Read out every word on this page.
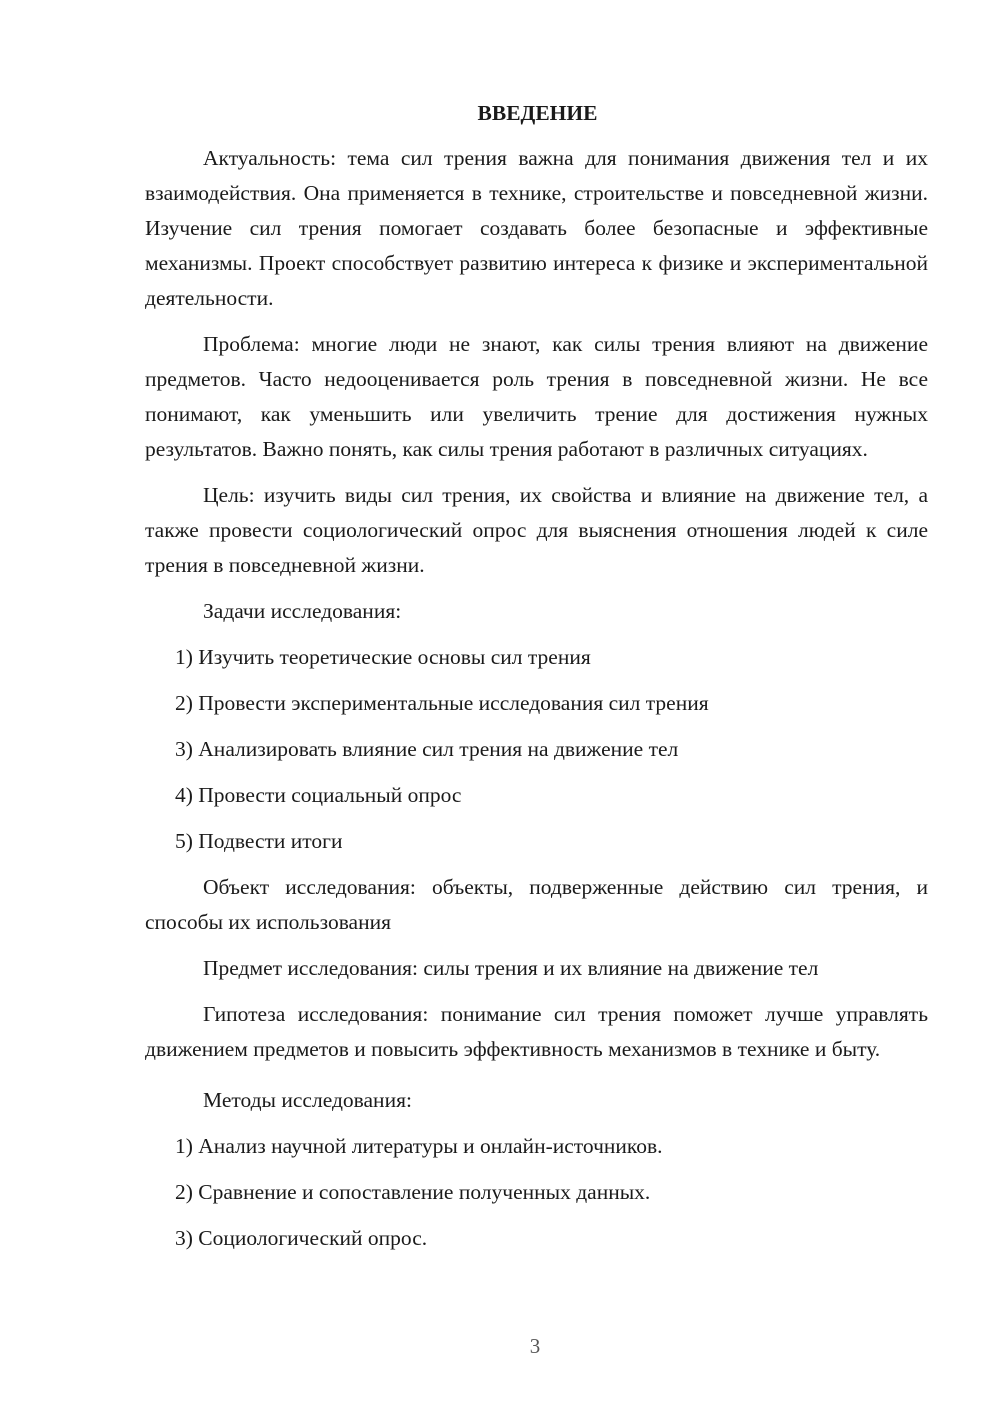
ВВЕДЕНИЕ

Актуальность: тема сил трения важна для понимания движения тел и их взаимодействия. Она применяется в технике, строительстве и повседневной жизни. Изучение сил трения помогает создавать более безопасные и эффективные механизмы. Проект способствует развитию интереса к физике и экспериментальной деятельности.

Проблема: многие люди не знают, как силы трения влияют на движение предметов. Часто недооценивается роль трения в повседневной жизни. Не все понимают, как уменьшить или увеличить трение для достижения нужных результатов. Важно понять, как силы трения работают в различных ситуациях.

Цель: изучить виды сил трения, их свойства и влияние на движение тел, а также провести социологический опрос для выяснения отношения людей к силе трения в повседневной жизни.

Задачи исследования:
1) Изучить теоретические основы сил трения
2) Провести экспериментальные исследования сил трения
3) Анализировать влияние сил трения на движение тел
4) Провести социальный опрос
5) Подвести итоги

Объект исследования: объекты, подверженные действию сил трения, и способы их использования

Предмет исследования: силы трения и их влияние на движение тел

Гипотеза исследования: понимание сил трения поможет лучше управлять движением предметов и повысить эффективность механизмов в технике и быту.

Методы исследования:
1) Анализ научной литературы и онлайн-источников.
2) Сравнение и сопоставление полученных данных.
3) Социологический опрос.
3
